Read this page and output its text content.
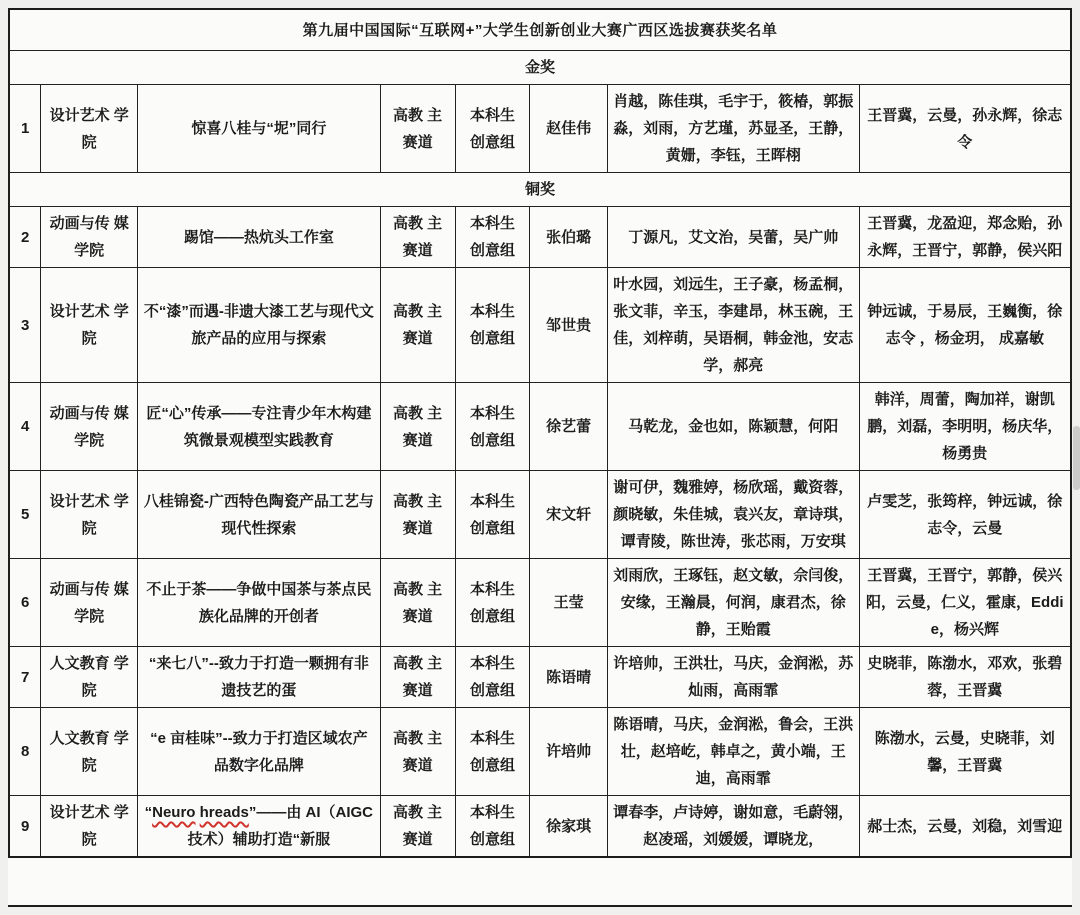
第九届中国国际“互联网+”大学生创新创业大赛广西区选拔赛获奖名单							
金奖							
1	设计艺术 学院	惊喜八桂与“坭”同行	高教 主赛道	本科生 创意组	赵佳伟	肖越，陈佳琪，毛宇于，筱椿，郭振淼，刘雨，方艺瑾，苏显圣，王静，黄姗，李钰，王晖栩	王晋冀，云曼，孙永辉，徐志令
铜奖							
2	动画与传 媒学院	踢馆——热炕头工作室	高教 主赛道	本科生 创意组	张伯璐	丁源凡，艾文治，吴蕾，吴广帅	王晋冀，龙盈迎，郑念贻，孙永辉，王晋宁，郭静，侯兴阳
3	设计艺术 学院	不“漆”而遇-非遗大漆工艺与现代文旅产品的应用与探索	高教 主赛道	本科生 创意组	邹世贵	叶水园，刘远生，王子豪，杨孟桐，张文菲，辛玉，李建昂，林玉碗，王佳，刘梓萌，吴语桐，韩金池，安志学，郝亮	钟远诚，于易辰，王巍衡，徐志令 ，杨金玥， 成嘉敏
4	动画与传 媒学院	匠“心”传承——专注青少年木构建筑微景观模型实践教育	高教 主赛道	本科生 创意组	徐艺蕾	马乾龙，金也如，陈颖慧，何阳	韩洋，周蕾，陶加祥，谢凯鹏，刘磊，李明明，杨庆华，杨勇贵
5	设计艺术 学院	八桂锦瓷-广西特色陶瓷产品工艺与现代性探索	高教 主赛道	本科生 创意组	宋文轩	谢可伊，魏雅婷，杨欣瑶，戴资蓉，颜晓敏，朱佳城，袁兴友，章诗琪，谭青陵，陈世涛，张芯雨，万安琪	卢雯芝，张筠梓，钟远诚，徐志令，云曼
6	动画与传 媒学院	不止于茶——争做中国茶与茶点民族化品牌的开创者	高教 主赛道	本科生 创意组	王莹	刘雨欣，王琢钰，赵文敏，佘闫俊，安缘，王瀚晨，何润，康君杰，徐静，王贻霞	王晋冀，王晋宁，郭静，侯兴阳，云曼，仁义，霍康，Eddie，杨兴辉
7	人文教育 学院	“来七八”--致力于打造一颗拥有非遗技艺的蛋	高教 主赛道	本科生 创意组	陈语晴	许培帅，王洪壮，马庆，金润淞，苏灿雨，高雨霏	史晓菲，陈渤水，邓欢，张碧蓉，王晋冀
8	人文教育 学院	“e 亩桂味”--致力于打造区域农产品数字化品牌	高教 主赛道	本科生 创意组	许培帅	陈语晴，马庆，金润淞，鲁会，王洪壮，赵培屹，韩卓之，黄小端，王迪，高雨霏	陈渤水，云曼，史晓菲，刘馨，王晋冀
9	设计艺术 学院	“Neuro hreads”——由 AI（AIGC 技术）辅助打造“新服	高教 主赛道	本科生 创意组	徐家琪	谭春李，卢诗婷，谢如意，毛蔚翎，赵凌瑶，刘媛媛，谭晓龙，	郝士杰，云曼，刘稳，刘雪迎
